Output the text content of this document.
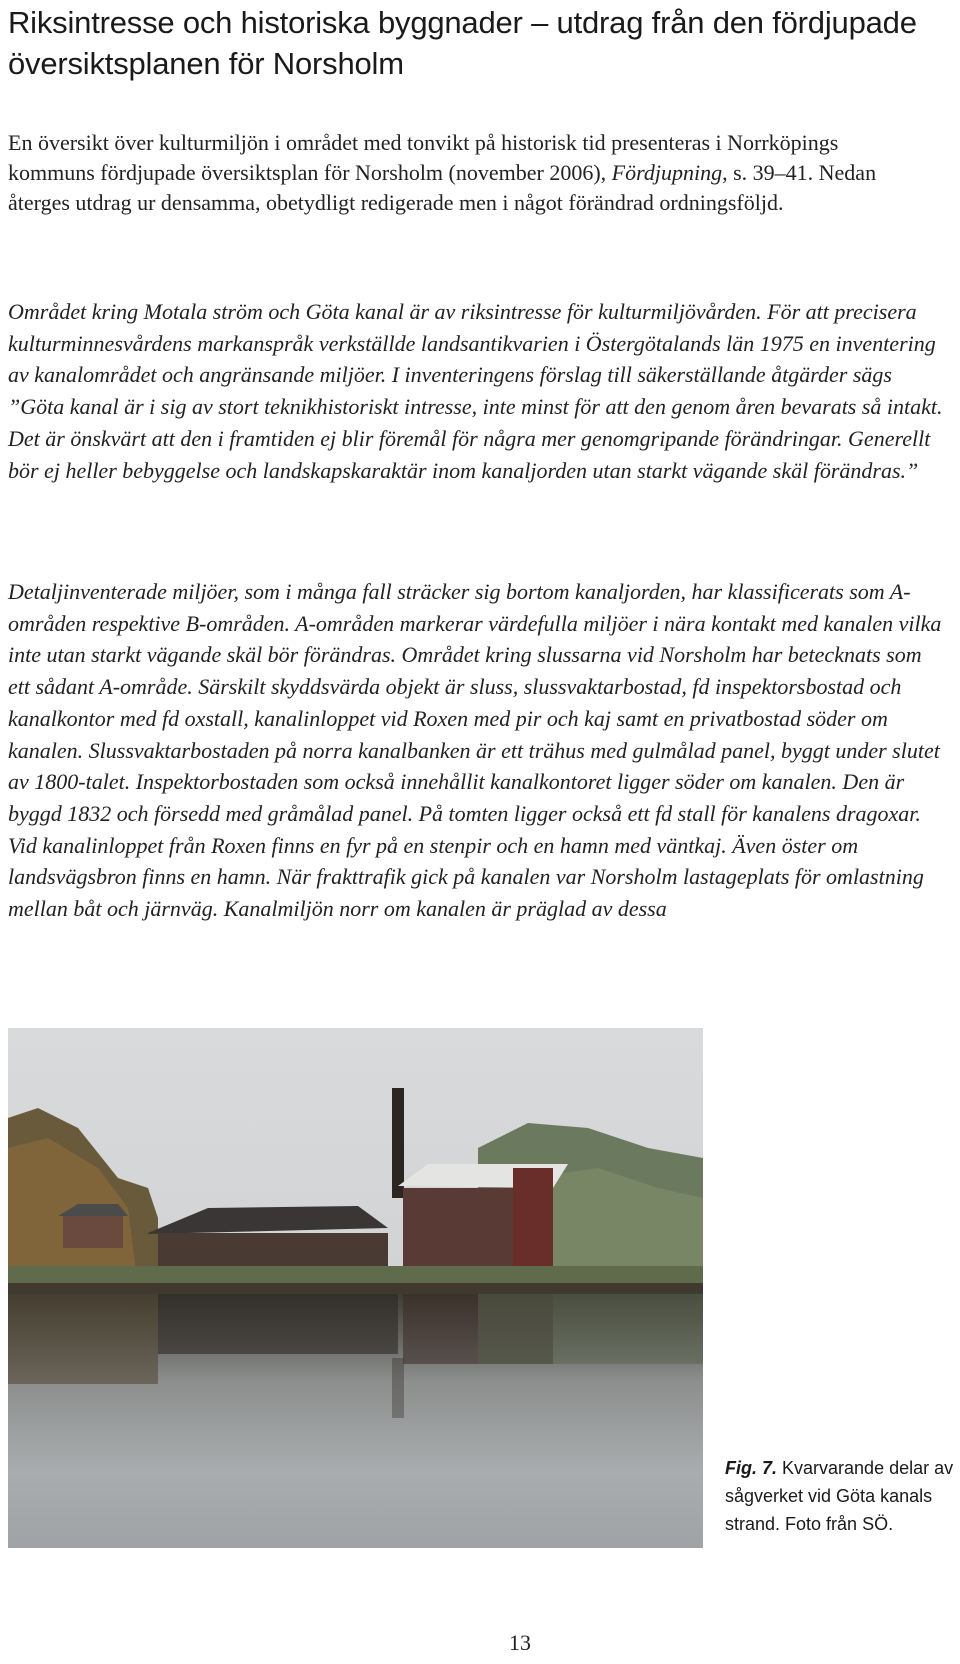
Riksintresse och historiska byggnader – utdrag från den fördjupade
översiktsplanen för Norsholm

En översikt över kulturmiljön i området med tonvikt på historisk tid presenteras i Norrköpings kommuns fördjupade översiktsplan för Norsholm (november 2006), Fördjupning, s. 39–41. Nedan återges utdrag ur densamma, obetydligt redigerade men i något förändrad ordningsföljd.

Området kring Motala ström och Göta kanal är av riksintresse för kulturmiljövården. För att precisera kulturminnesvårdens markanspråk verkställde landsantikvarien i Östergötalands län 1975 en inventering av kanalområdet och angränsande miljöer. I inventeringens förslag till säkerställande åtgärder sägs ”Göta kanal är i sig av stort teknikhistoriskt intresse, inte minst för att den genom åren bevarats så intakt. Det är önskvärt att den i framtiden ej blir föremål för några mer genomgripande förändringar. Generellt bör ej heller bebyggelse och landskapskaraktär inom kanaljorden utan starkt vägande skäl förändras.”

Detaljinventerade miljöer, som i många fall sträcker sig bortom kanaljorden, har klassificerats som A-områden respektive B-områden. A-områden markerar värdefulla miljöer i nära kontakt med kanalen vilka inte utan starkt vägande skäl bör förändras. Området kring slussarna vid Norsholm har betecknats som ett sådant A-område. Särskilt skyddsvärda objekt är sluss, slussvaktarbostad, fd inspektorsbostad och kanalkontor med fd oxstall, kanalinloppet vid Roxen med pir och kaj samt en privatbostad söder om kanalen. Slussvaktarbostaden på norra kanalbanken är ett trähus med gulmålad panel, byggt under slutet av 1800-talet. Inspektorbostaden som också innehållit kanalkontoret ligger söder om kanalen. Den är byggd 1832 och försedd med gråmålad panel. På tomten ligger också ett fd stall för kanalens dragoxar. Vid kanalinloppet från Roxen finns en fyr på en stenpir och en hamn med väntkaj. Även öster om landsvägsbron finns en hamn. När frakttrafik gick på kanalen var Norsholm lastageplats för omlastning mellan båt och järnväg. Kanalmiljön norr om kanalen är präglad av dessa

Fig. 7. Kvarvarande delar av sågverket vid Göta kanals strand. Foto från SÖ.

13
